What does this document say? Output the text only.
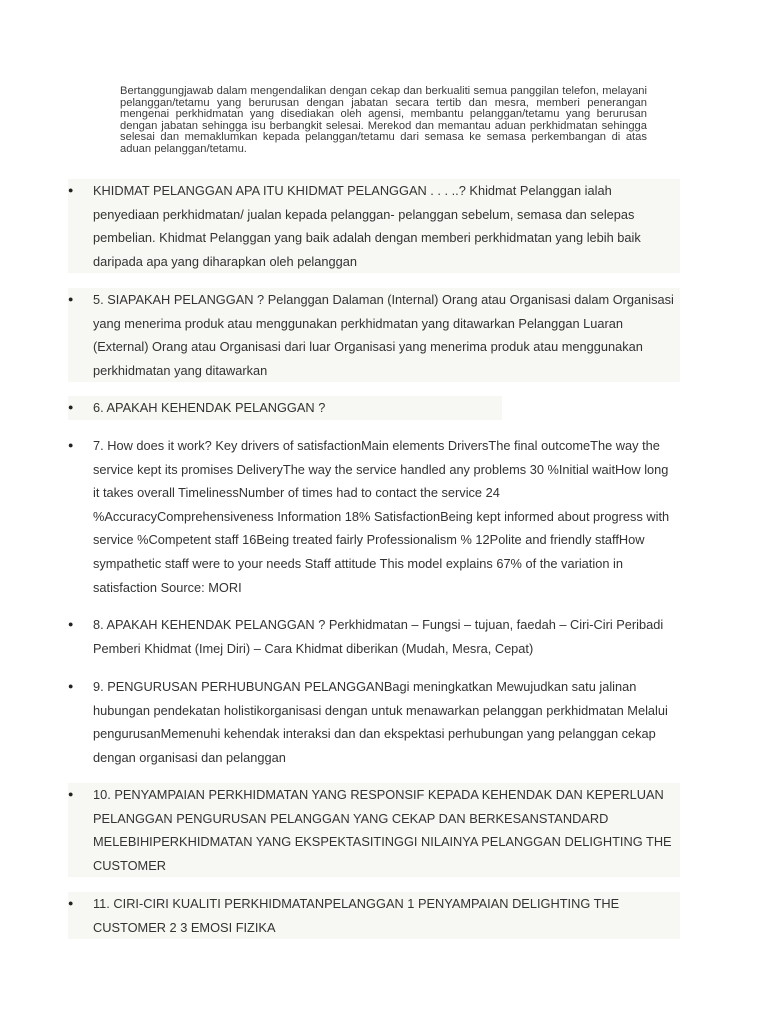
Bertanggungjawab dalam mengendalikan dengan cekap dan berkualiti semua panggilan telefon, melayani pelanggan/tetamu yang berurusan dengan jabatan secara tertib dan mesra, memberi penerangan mengenai perkhidmatan yang disediakan oleh agensi, membantu pelanggan/tetamu yang berurusan dengan jabatan sehingga isu berbangkit selesai. Merekod dan memantau aduan perkhidmatan sehingga selesai dan memaklumkan kepada pelanggan/tetamu dari semasa ke semasa perkembangan di atas aduan pelanggan/tetamu.
●	KHIDMAT PELANGGAN APA ITU KHIDMAT PELANGGAN . . . ..? Khidmat Pelanggan ialah penyediaan perkhidmatan/ jualan kepada pelanggan- pelanggan sebelum, semasa dan selepas pembelian. Khidmat Pelanggan yang baik adalah dengan memberi perkhidmatan yang lebih baik daripada apa yang diharapkan oleh pelanggan
●	5. SIAPAKAH PELANGGAN ? Pelanggan Dalaman (Internal) Orang atau Organisasi dalam Organisasi yang menerima produk atau menggunakan perkhidmatan yang ditawarkan Pelanggan Luaran (External) Orang atau Organisasi dari luar Organisasi yang menerima produk atau menggunakan perkhidmatan yang ditawarkan
●	6. APAKAH KEHENDAK PELANGGAN ?
●	7. How does it work? Key drivers of satisfactionMain elements DriversThe final outcomeThe way the service kept its promises DeliveryThe way the service handled any problems 30 %Initial waitHow long it takes overall TimelinessNumber of times had to contact the service 24 %AccuracyComprehensiveness Information 18% SatisfactionBeing kept informed about progress with service %Competent staff 16Being treated fairly Professionalism % 12Polite and friendly staffHow sympathetic staff were to your needs Staff attitude This model explains 67% of the variation in satisfaction Source: MORI
●	8. APAKAH KEHENDAK PELANGGAN ? Perkhidmatan – Fungsi – tujuan, faedah – Ciri-Ciri Peribadi Pemberi Khidmat (Imej Diri) – Cara Khidmat diberikan (Mudah, Mesra, Cepat)
●	9. PENGURUSAN PERHUBUNGAN PELANGGANBagi meningkatkan Mewujudkan satu jalinan hubungan pendekatan holistikorganisasi dengan untuk menawarkan pelanggan perkhidmatan Melalui pengurusanMemenuhi kehendak interaksi dan dan ekspektasi perhubungan yang pelanggan cekap dengan organisasi dan pelanggan
●	10. PENYAMPAIAN PERKHIDMATAN YANG RESPONSIF KEPADA KEHENDAK DAN KEPERLUAN PELANGGAN PENGURUSAN PELANGGAN YANG CEKAP DAN BERKESANSTANDARD MELEBIHIPERKHIDMATAN YANG EKSPEKTASITINGGI NILAINYA PELANGGAN DELIGHTING THE CUSTOMER
●	11. CIRI-CIRI KUALITI PERKHIDMATANPELANGGAN 1 PENYAMPAIAN DELIGHTING THE CUSTOMER 2 3 EMOSI FIZIKA
